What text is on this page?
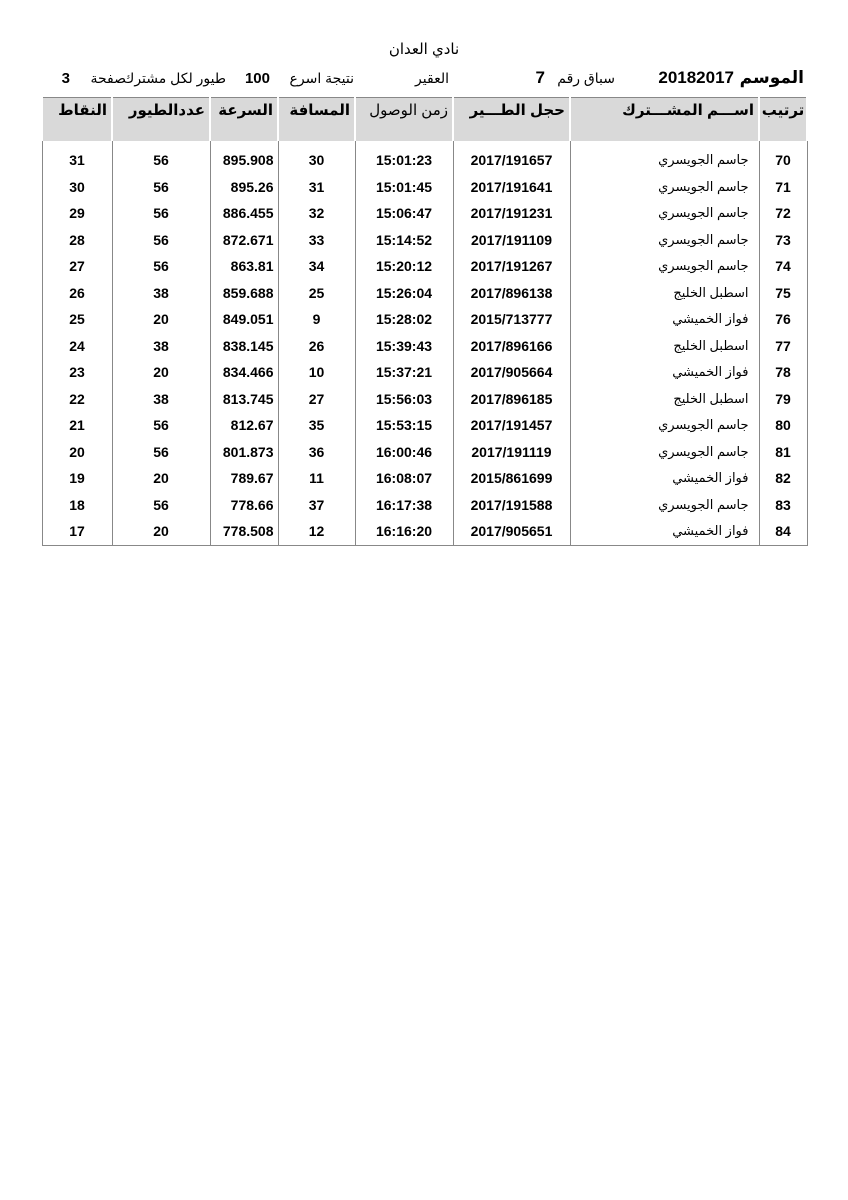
نادي العدان
الموسم
20182017
سباق رقم
7
العقير
نتيجة اسرع
100
طيور لكل مشترك
صفحة
3
ترتيب	اســـم المشـــترك	حجل الطـــير	زمن الوصول	المسافة	السرعة	عددالطيور	النقاط

70	جاسم الجويسري	2017/191657	15:01:23	30	895.908	56	31
71	جاسم الجويسري	2017/191641	15:01:45	31	895.26	56	30
72	جاسم الجويسري	2017/191231	15:06:47	32	886.455	56	29
73	جاسم الجويسري	2017/191109	15:14:52	33	872.671	56	28
74	جاسم الجويسري	2017/191267	15:20:12	34	863.81	56	27
75	اسطبل الخليج	2017/896138	15:26:04	25	859.688	38	26
76	فواز الخميشي	2015/713777	15:28:02	9	849.051	20	25
77	اسطبل الخليج	2017/896166	15:39:43	26	838.145	38	24
78	فواز الخميشي	2017/905664	15:37:21	10	834.466	20	23
79	اسطبل الخليج	2017/896185	15:56:03	27	813.745	38	22
80	جاسم الجويسري	2017/191457	15:53:15	35	812.67	56	21
81	جاسم الجويسري	2017/191119	16:00:46	36	801.873	56	20
82	فواز الخميشي	2015/861699	16:08:07	11	789.67	20	19
83	جاسم الجويسري	2017/191588	16:17:38	37	778.66	56	18
84	فواز الخميشي	2017/905651	16:16:20	12	778.508	20	17
